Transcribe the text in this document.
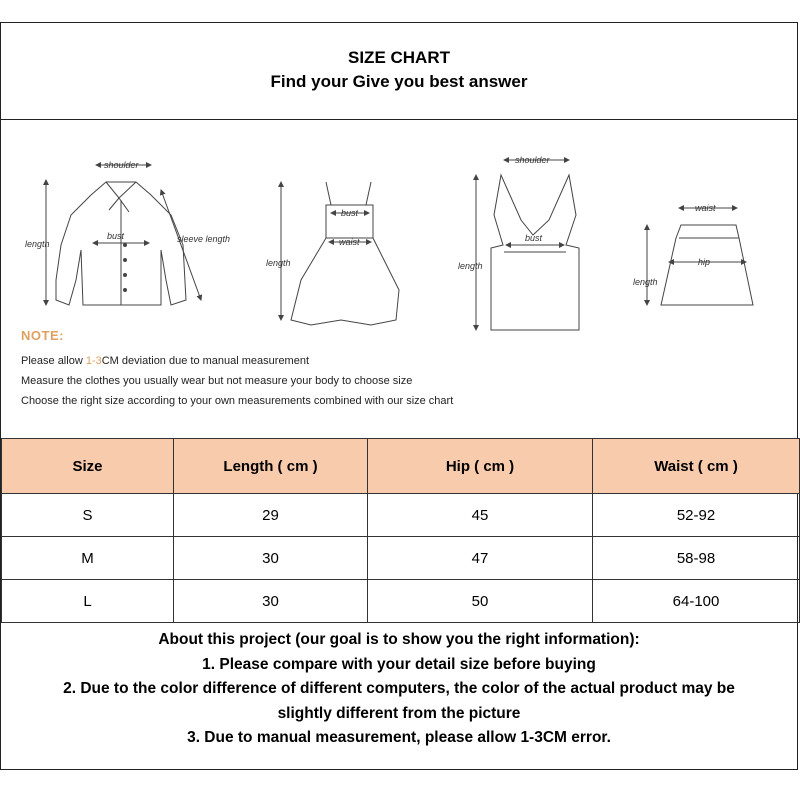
SIZE CHART
Find your Give you best answer
shoulder
bust	sleeve length
length
bust
waist
length
shoulder
bust
length
waist
hip
length
NOTE:
Please allow 1-3CM deviation due to manual measurement
Measure the clothes you usually wear but not measure your body to choose size
Choose the right size according to your own measurements combined with our size chart
Size	Length ( cm )	Hip ( cm )	Waist ( cm )
S	29	45	52-92
M	30	47	58-98
L	30	50	64-100
About this project (our goal is to show you the right information):
1. Please compare with your detail size before buying
2. Due to the color difference of different computers, the color of the actual product may be
slightly different from the picture
3. Due to manual measurement, please allow 1-3CM error.
